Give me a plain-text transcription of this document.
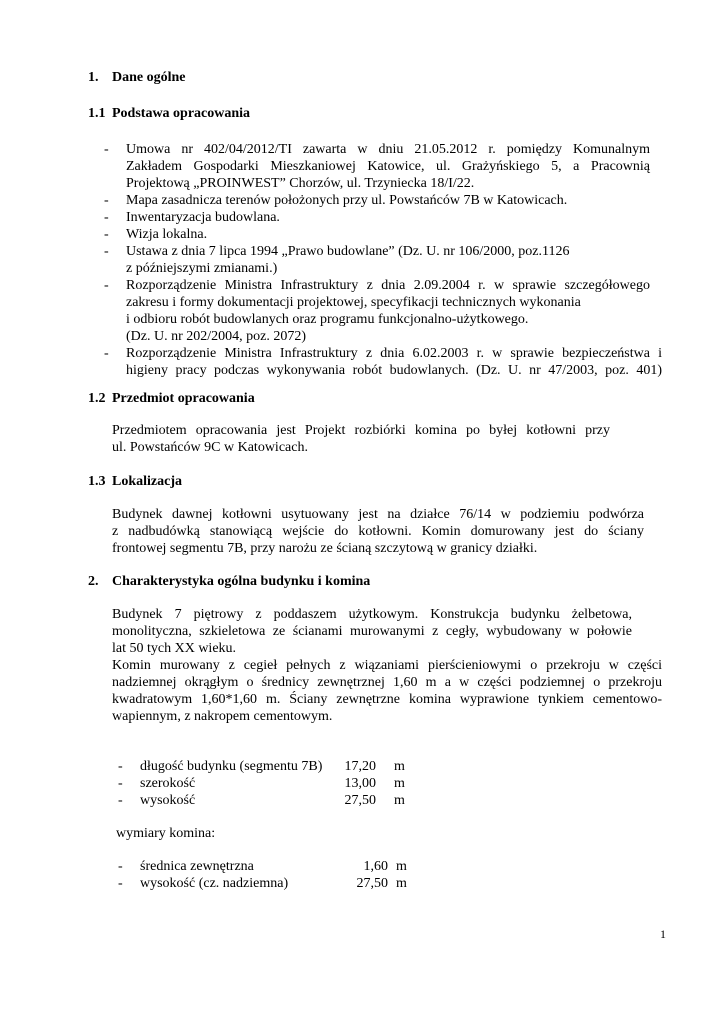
1. Dane ogólne
1.1 Podstawa opracowania
- Umowa nr 402/04/2012/TI zawarta w dniu 21.05.2012 r. pomiędzy Komunalnym
Zakładem Gospodarki Mieszkaniowej Katowice, ul. Grażyńskiego 5, a Pracownią
Projektową „PROINWEST” Chorzów, ul. Trzyniecka 18/I/22.
- Mapa zasadnicza terenów położonych przy ul. Powstańców 7B w Katowicach.
- Inwentaryzacja budowlana.
- Wizja lokalna.
- Ustawa z dnia 7 lipca 1994 „Prawo budowlane” (Dz. U. nr 106/2000, poz.1126
z późniejszymi zmianami.)
- Rozporządzenie Ministra Infrastruktury z dnia 2.09.2004 r. w sprawie szczegółowego
zakresu i formy dokumentacji projektowej, specyfikacji technicznych wykonania
i odbioru robót budowlanych oraz programu funkcjonalno-użytkowego.
(Dz. U. nr 202/2004, poz. 2072)
- Rozporządzenie Ministra Infrastruktury z dnia 6.02.2003 r. w sprawie bezpieczeństwa i
higieny pracy podczas wykonywania robót budowlanych. (Dz. U. nr 47/2003, poz. 401)
1.2 Przedmiot opracowania
Przedmiotem opracowania jest Projekt rozbiórki komina po byłej kotłowni przy
ul. Powstańców 9C w Katowicach.
1.3 Lokalizacja
Budynek dawnej kotłowni usytuowany jest na działce 76/14 w podziemiu podwórza
z nadbudówką stanowiącą wejście do kotłowni. Komin domurowany jest do ściany
frontowej segmentu 7B, przy narożu ze ścianą szczytową w granicy działki.
2. Charakterystyka ogólna budynku i komina
Budynek 7 piętrowy z poddaszem użytkowym. Konstrukcja budynku żelbetowa,
monolityczna, szkieletowa ze ścianami murowanymi z cegły, wybudowany w połowie
lat 50 tych XX wieku.
Komin murowany z cegieł pełnych z wiązaniami pierścieniowymi o przekroju w części
nadziemnej okrągłym o średnicy zewnętrznej 1,60 m a w części podziemnej o przekroju
kwadratowym 1,60*1,60 m. Ściany zewnętrzne komina wyprawione tynkiem cementowo-
wapiennym, z nakropem cementowym.
- długość budynku (segmentu 7B)	17,20 m
- szerokość	13,00 m
- wysokość	27,50 m
wymiary komina:
- średnica zewnętrzna	1,60 m
- wysokość (cz. nadziemna)	27,50 m
1
